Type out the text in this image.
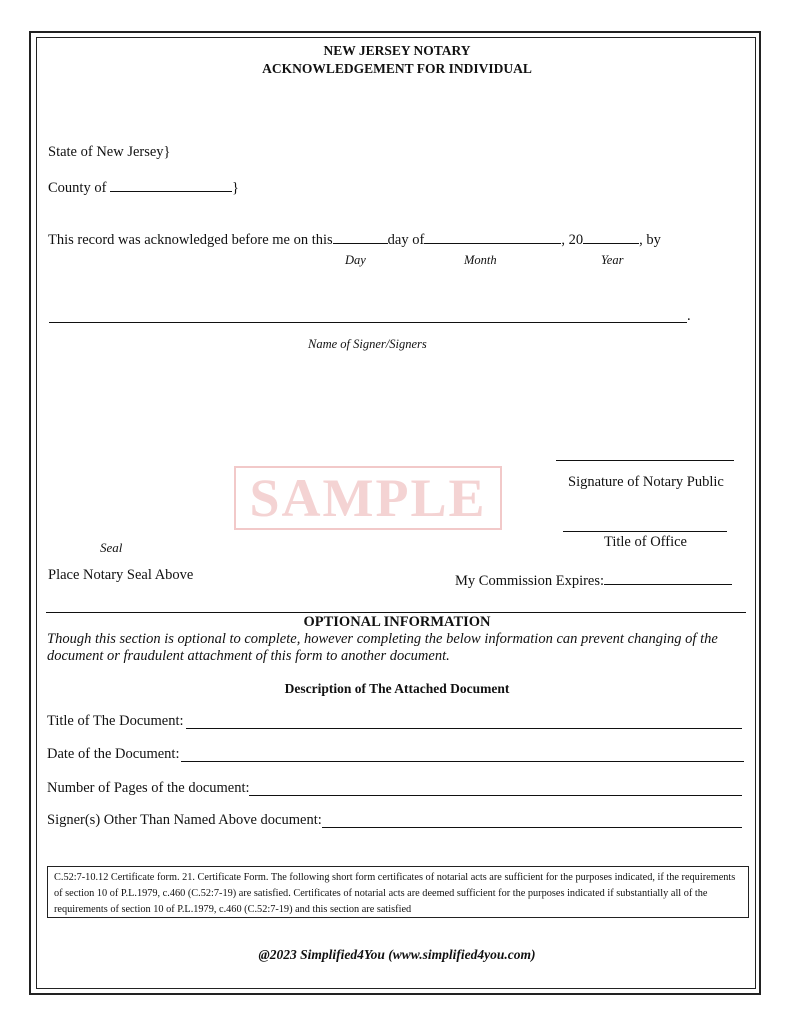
NEW JERSEY NOTARY
ACKNOWLEDGEMENT FOR INDIVIDUAL
State of New Jersey}
County of	}
This record was acknowledged before me on this	day of	, 20	, by
Day	Month	Year
.
Name of Signer/Signers
SAMPLE	Signature of Notary Public
Title of Office
Seal
Place Notary Seal Above	My Commission Expires:
OPTIONAL INFORMATION
Though this section is optional to complete, however completing the below information can prevent changing of the document or fraudulent attachment of this form to another document.
Description of The Attached Document
Title of The Document:
Date of the Document:
Number of Pages of the document:
Signer(s) Other Than Named Above document:
C.52:7-10.12 Certificate form. 21. Certificate Form. The following short form certificates of notarial acts are sufficient for the purposes indicated, if the requirements of section 10 of P.L.1979, c.460 (C.52:7-19) are satisfied. Certificates of notarial acts are deemed sufficient for the purposes indicated if substantially all of the requirements of section 10 of P.L.1979, c.460 (C.52:7-19) and this section are satisfied
@2023 Simplified4You (www.simplified4you.com)
